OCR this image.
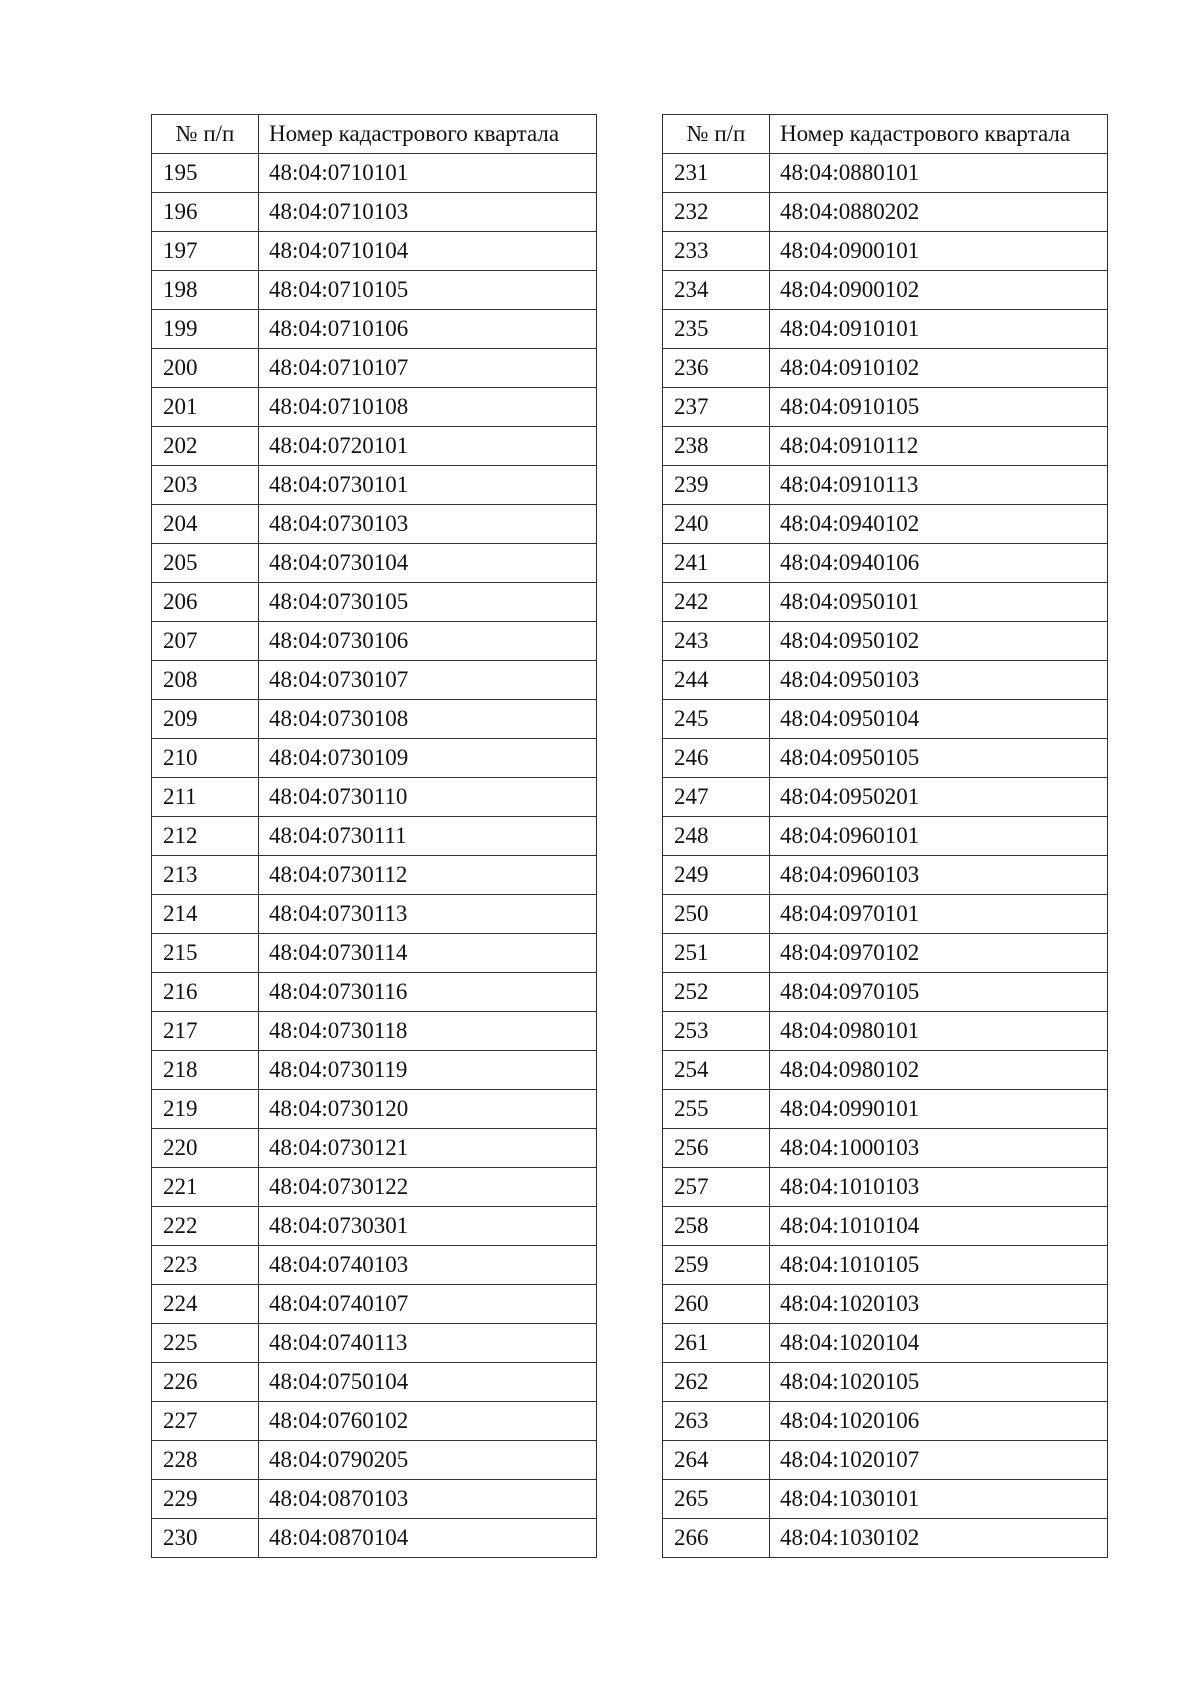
№ п/п	Номер кадастрового квартала
195	48:04:0710101
196	48:04:0710103
197	48:04:0710104
198	48:04:0710105
199	48:04:0710106
200	48:04:0710107
201	48:04:0710108
202	48:04:0720101
203	48:04:0730101
204	48:04:0730103
205	48:04:0730104
206	48:04:0730105
207	48:04:0730106
208	48:04:0730107
209	48:04:0730108
210	48:04:0730109
211	48:04:0730110
212	48:04:0730111
213	48:04:0730112
214	48:04:0730113
215	48:04:0730114
216	48:04:0730116
217	48:04:0730118
218	48:04:0730119
219	48:04:0730120
220	48:04:0730121
221	48:04:0730122
222	48:04:0730301
223	48:04:0740103
224	48:04:0740107
225	48:04:0740113
226	48:04:0750104
227	48:04:0760102
228	48:04:0790205
229	48:04:0870103
230	48:04:0870104
№ п/п	Номер кадастрового квартала
231	48:04:0880101
232	48:04:0880202
233	48:04:0900101
234	48:04:0900102
235	48:04:0910101
236	48:04:0910102
237	48:04:0910105
238	48:04:0910112
239	48:04:0910113
240	48:04:0940102
241	48:04:0940106
242	48:04:0950101
243	48:04:0950102
244	48:04:0950103
245	48:04:0950104
246	48:04:0950105
247	48:04:0950201
248	48:04:0960101
249	48:04:0960103
250	48:04:0970101
251	48:04:0970102
252	48:04:0970105
253	48:04:0980101
254	48:04:0980102
255	48:04:0990101
256	48:04:1000103
257	48:04:1010103
258	48:04:1010104
259	48:04:1010105
260	48:04:1020103
261	48:04:1020104
262	48:04:1020105
263	48:04:1020106
264	48:04:1020107
265	48:04:1030101
266	48:04:1030102
